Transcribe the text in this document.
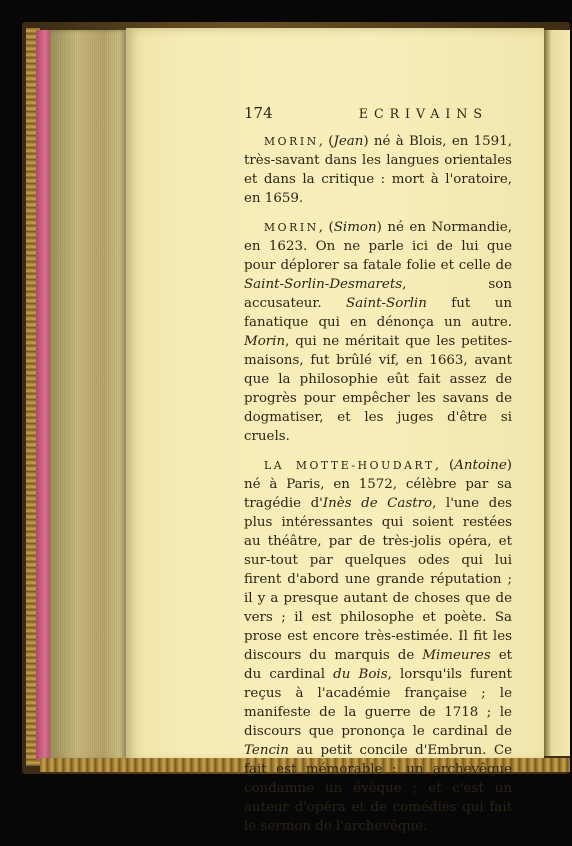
174	ECRIVAINS

MORIN, (Jean) né à Blois, en 1591, très-savant dans les langues orientales et dans la critique : mort à l'oratoire, en 1659.

MORIN, (Simon) né en Normandie, en 1623. On ne parle ici de lui que pour déplorer sa fatale folie et celle de Saint-Sorlin-Desmarets, son accusateur. Saint-Sorlin fut un fanatique qui en dénonça un autre. Morin, qui ne méritait que les petites-maisons, fut brûlé vif, en 1663, avant que la philosophie eût fait assez de progrès pour empêcher les savans de dogmatiser, et les juges d'être si cruels.

LA MOTTE-HOUDART, (Antoine) né à Paris, en 1572, célèbre par sa tragédie d'Inès de Castro, l'une des plus intéressantes qui soient restées au théâtre, par de très-jolis opéra, et sur-tout par quelques odes qui lui firent d'abord une grande réputation ; il y a presque autant de choses que de vers ; il est philosophe et poète. Sa prose est encore très-estimée. Il fit les discours du marquis de Mimeures et du cardinal du Bois, lorsqu'ils furent reçus à l'académie française ; le manifeste de la guerre de 1718 ; le discours que prononça le cardinal de Tencin au petit concile d'Embrun. Ce fait est mémorable : un archevêque condamne un évêque ; et c'est un auteur d'opéra et de comédies qui fait le sermon de l'archevêque.
